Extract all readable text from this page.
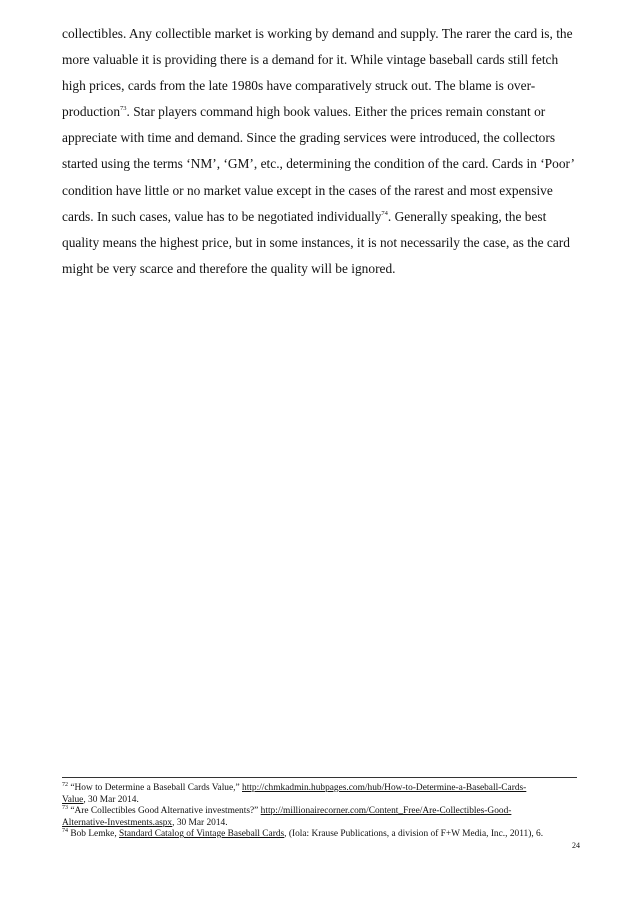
collectibles. Any collectible market is working by demand and supply. The rarer the card is, the
more valuable it is providing there is a demand for it. While vintage baseball cards still fetch
high prices, cards from the late 1980s have comparatively struck out. The blame is over-
production$^{73}$. Star players command high book values. Either the prices remain constant or
appreciate with time and demand. Since the grading services were introduced, the collectors
started using the terms ‘NM’, ‘GM’, etc., determining the condition of the card. Cards in ‘Poor’
condition have little or no market value except in the cases of the rarest and most expensive
cards. In such cases, value has to be negotiated individually$^{74}$. Generally speaking, the best
quality means the highest price, but in some instances, it is not necessarily the case, as the card
might be very scarce and therefore the quality will be ignored.
$^{72}$ “How to Determine a Baseball Cards Value,” http://chmkadmin.hubpages.com/hub/How-to-Determine-a-Baseball-Cards-
Value, 30 Mar 2014.
$^{73}$ “Are Collectibles Good Alternative investments?” http://millionairecorner.com/Content_Free/Are-Collectibles-Good-
Alternative-Investments.aspx, 30 Mar 2014.
$^{74}$ Bob Lemke, Standard Catalog of Vintage Baseball Cards, (Iola: Krause Publications, a division of F+W Media, Inc., 2011), 6.
24
